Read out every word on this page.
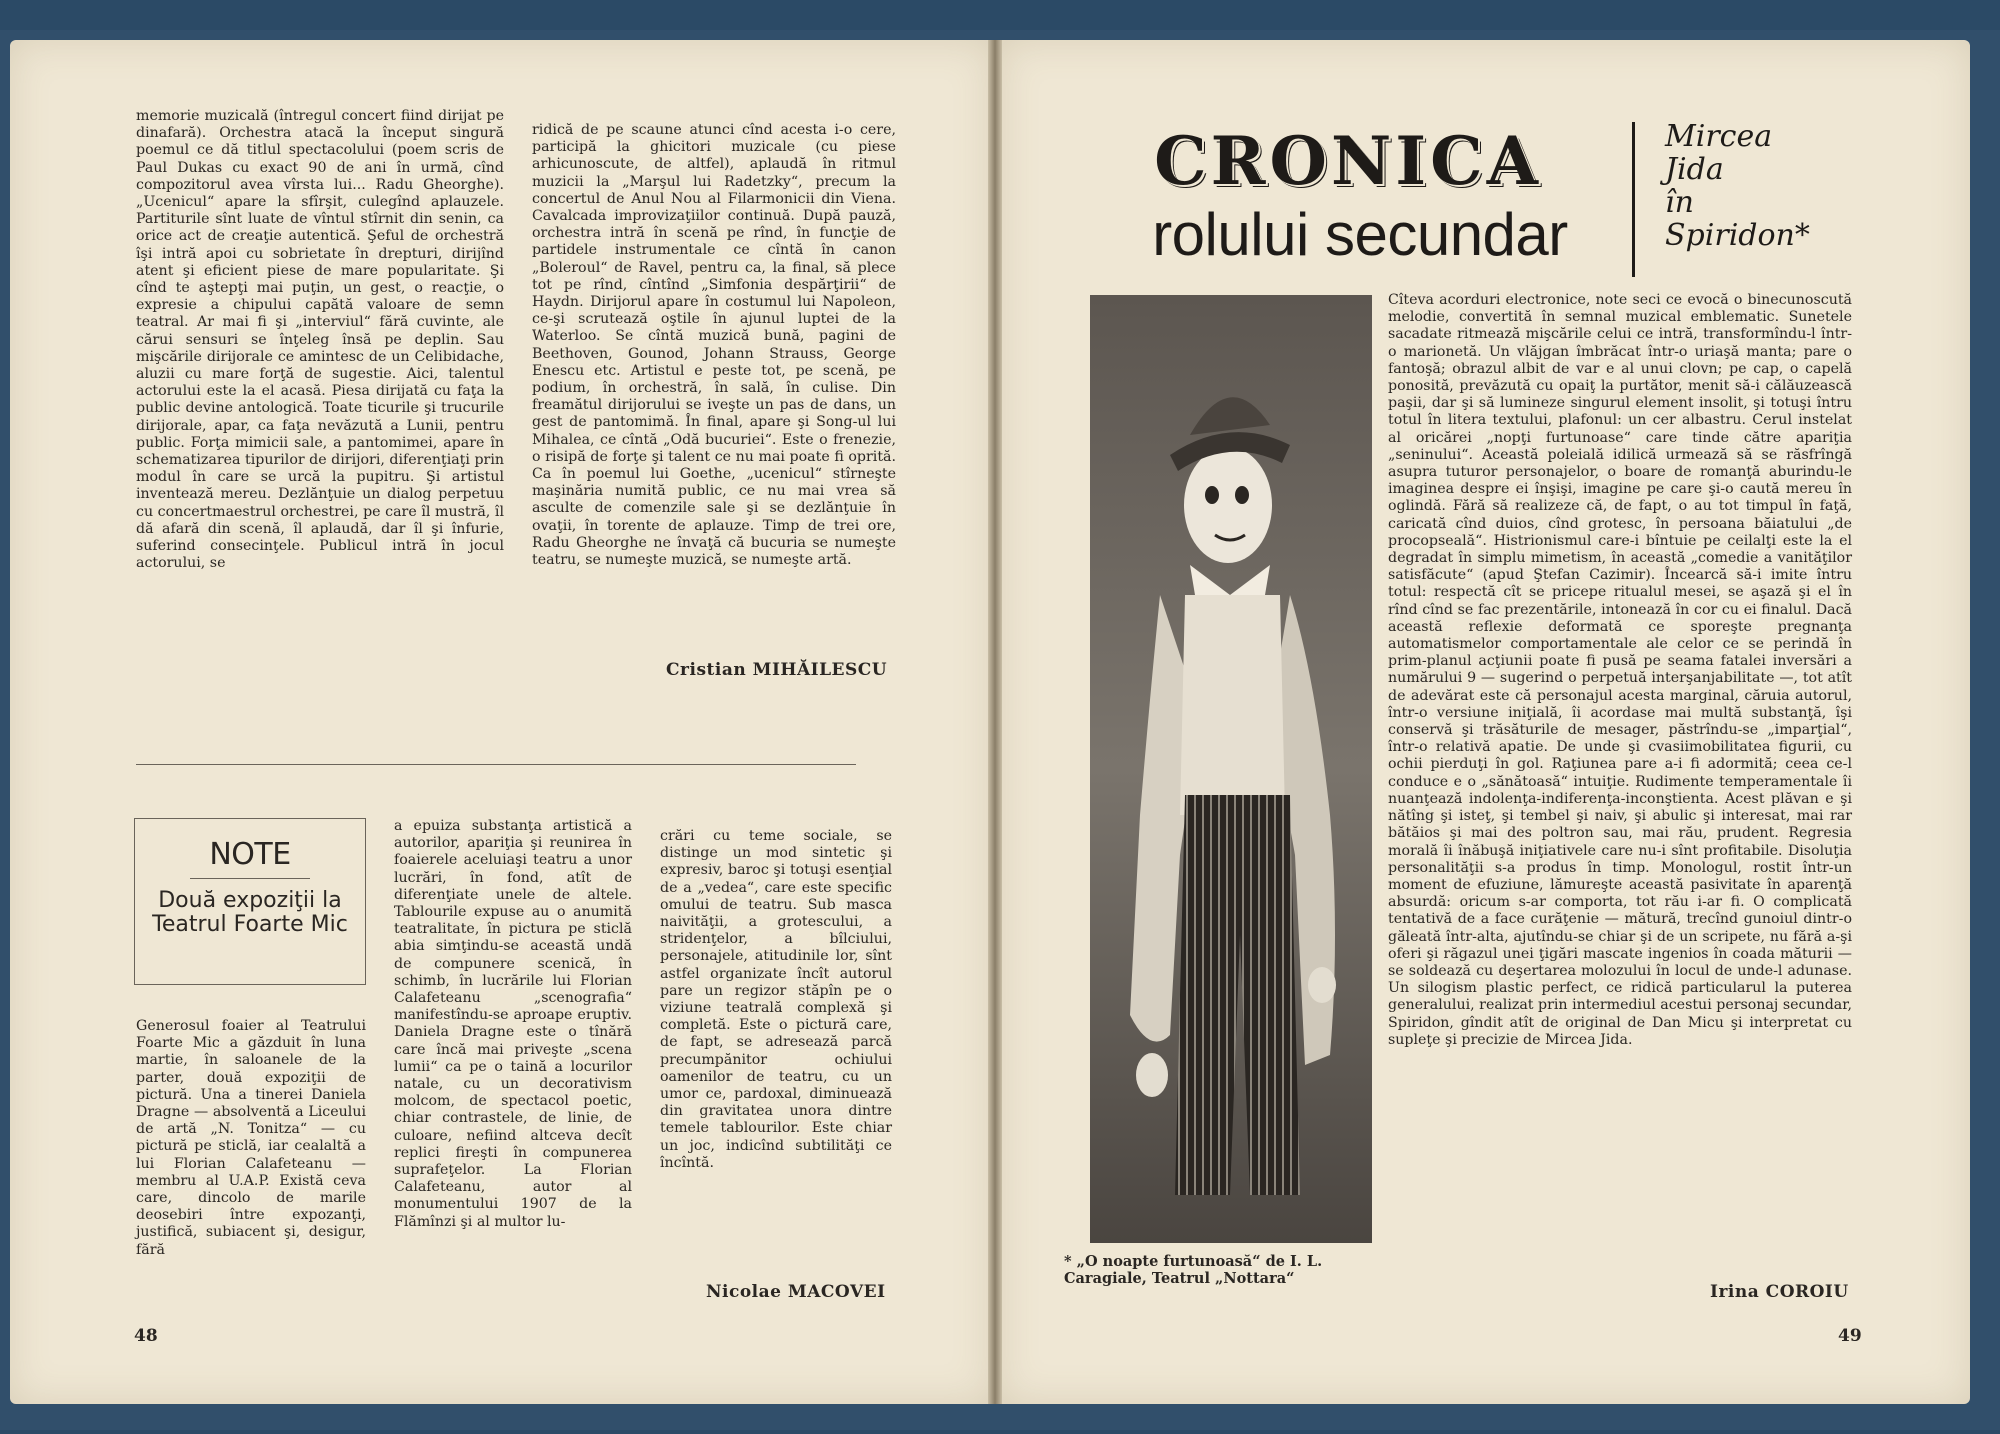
memorie muzicală (întregul concert fiind dirijat pe dinafară). Orchestra atacă la început singură poemul ce dă titlul spectacolului (poem scris de Paul Dukas cu exact 90 de ani în urmă, cînd compozitorul avea vîrsta lui... Radu Gheorghe). „Ucenicul“ apare la sfîrşit, culegînd aplauzele. Partiturile sînt luate de vîntul stîrnit din senin, ca orice act de creaţie autentică. Şeful de orchestră îşi intră apoi cu sobrietate în drepturi, dirijînd atent şi eficient piese de mare popularitate. Şi cînd te aştepţi mai puţin, un gest, o reacţie, o expresie a chipului capătă valoare de semn teatral. Ar mai fi şi „interviul“ fără cuvinte, ale cărui sensuri se înţeleg însă pe deplin. Sau mişcările dirijorale ce amintesc de un Celibidache, aluzii cu mare forţă de sugestie. Aici, talentul actorului este la el acasă. Piesa dirijată cu faţa la public devine antologică. Toate ticurile şi trucurile dirijorale, apar, ca faţa nevăzută a Lunii, pentru public. Forţa mimicii sale, a pantomimei, apare în schematizarea tipurilor de dirijori, diferenţiaţi prin modul în care se urcă la pupitru. Şi artistul inventează mereu. Dezlănţuie un dialog perpetuu cu concertmaestrul orchestrei, pe care îl mustră, îl dă afară din scenă, îl aplaudă, dar îl şi înfurie, suferind consecinţele. Publicul intră în jocul actorului, se

ridică de pe scaune atunci cînd acesta i-o cere, participă la ghicitori muzicale (cu piese arhicunoscute, de altfel), aplaudă în ritmul muzicii la „Marşul lui Radetzky“, precum la concertul de Anul Nou al Filarmonicii din Viena. Cavalcada improvizaţiilor continuă. După pauză, orchestra intră în scenă pe rînd, în funcţie de partidele instrumentale ce cîntă în canon „Boleroul“ de Ravel, pentru ca, la final, să plece tot pe rînd, cîntînd „Simfonia despărţirii“ de Haydn. Dirijorul apare în costumul lui Napoleon, ce-şi scrutează oştile în ajunul luptei de la Waterloo. Se cîntă muzică bună, pagini de Beethoven, Gounod, Johann Strauss, George Enescu etc. Artistul e peste tot, pe scenă, pe podium, în orchestră, în sală, în culise. Din freamătul dirijorului se iveşte un pas de dans, un gest de pantomimă. În final, apare şi Song-ul lui Mihalea, ce cîntă „Odă bucuriei“. Este o frenezie, o risipă de forţe şi talent ce nu mai poate fi oprită. Ca în poemul lui Goethe, „ucenicul“ stîrneşte maşinăria numită public, ce nu mai vrea să asculte de comenzile sale şi se dezlănţuie în ovaţii, în torente de aplauze. Timp de trei ore, Radu Gheorghe ne învaţă că bucuria se numeşte teatru, se numeşte muzică, se numeşte artă.

Cristian MIHĂILESCU
NOTE
Două expoziţii la Teatrul Foarte Mic

Generosul foaier al Teatrului Foarte Mic a găzduit în luna martie, în saloanele de la parter, două expoziţii de pictură. Una a tinerei Daniela Dragne — absolventă a Liceului de artă „N. Tonitza“ — cu pictură pe sticlă, iar cealaltă a lui Florian Calafeteanu — membru al U.A.P. Există ceva care, dincolo de marile deosebiri între expozanţi, justifică, subiacent şi, desigur, fără

a epuiza substanţa artistică a autorilor, apariţia şi reunirea în foaierele aceluiaşi teatru a unor lucrări, în fond, atît de diferenţiate unele de altele. Tablourile expuse au o anumită teatralitate, în pictura pe sticlă abia simţindu-se această undă de compunere scenică, în schimb, în lucrările lui Florian Calafeteanu „scenografia“ manifestîndu-se aproape eruptiv. Daniela Dragne este o tînără care încă mai priveşte „scena lumii“ ca pe o taină a locurilor natale, cu un decorativism molcom, de spectacol poetic, chiar contrastele, de linie, de culoare, nefiind altceva decît replici fireşti în compunerea suprafeţelor. La Florian Calafeteanu, autor al monumentului 1907 de la Flămînzi şi al multor lu-

crări cu teme sociale, se distinge un mod sintetic şi expresiv, baroc şi totuşi esenţial de a „vedea“, care este specific omului de teatru. Sub masca naivităţii, a grotescului, a stridenţelor, a bîlciului, personajele, atitudinile lor, sînt astfel organizate încît autorul pare un regizor stăpîn pe o viziune teatrală complexă şi completă. Este o pictură care, de fapt, se adresează parcă precumpănitor ochiului oamenilor de teatru, cu un umor ce, pardoxal, diminuează din gravitatea unora dintre temele tablourilor. Este chiar un joc, indicînd subtilităţi ce încîntă.

Nicolae MACOVEI
48
CRONICA
rolului secundar
Mircea
Jida
în
Spiridon*
* „O noapte furtunoasă“ de I. L. Caragiale, Teatrul „Nottara“

Cîteva acorduri electronice, note seci ce evocă o binecunoscută melodie, convertită în semnal muzical emblematic. Sunetele sacadate ritmează mişcările celui ce intră, transformîndu-l într-o marionetă. Un vlăjgan îmbrăcat într-o uriaşă manta; pare o fantoşă; obrazul albit de var e al unui clovn; pe cap, o capelă ponosită, prevăzută cu opaiţ la purtător, menit să-i călăuzească paşii, dar şi să lumineze singurul element insolit, şi totuşi întru totul în litera textului, plafonul: un cer albastru. Cerul instelat al oricărei „nopţi furtunoase“ care tinde către apariţia „seninului“. Această poleială idilică urmează să se răsfrîngă asupra tuturor personajelor, o boare de romanţă aburindu-le imaginea despre ei înşişi, imagine pe care şi-o caută mereu în oglindă. Fără să realizeze că, de fapt, o au tot timpul în faţă, caricată cînd duios, cînd grotesc, în persoana băiatului „de procopseală“. Histrionismul care-i bîntuie pe ceilalţi este la el degradat în simplu mimetism, în această „comedie a vanităţilor satisfăcute“ (apud Ştefan Cazimir). Încearcă să-i imite întru totul: respectă cît se pricepe ritualul mesei, se aşază şi el în rînd cînd se fac prezentările, intonează în cor cu ei finalul. Dacă această reflexie deformată ce sporeşte pregnanţa automatismelor comportamentale ale celor ce se perindă în prim-planul acţiunii poate fi pusă pe seama fatalei inversări a numărului 9 — sugerind o perpetuă interşanjabilitate —, tot atît de adevărat este că personajul acesta marginal, căruia autorul, într-o versiune iniţială, îi acordase mai multă substanţă, îşi conservă şi trăsăturile de mesager, păstrîndu-se „imparţial“, într-o relativă apatie. De unde şi cvasiimobilitatea figurii, cu ochii pierduţi în gol. Raţiunea pare a-i fi adormită; ceea ce-l conduce e o „sănătoasă“ intuiţie. Rudimente temperamentale îi nuanţează indolenţa-indiferenţa-inconştienta. Acest plăvan e şi nătîng şi isteţ, şi tembel şi naiv, şi abulic şi interesat, mai rar bătăios şi mai des poltron sau, mai rău, prudent. Regresia morală îi înăbuşă iniţiativele care nu-i sînt profitabile. Disoluţia personalităţii s-a produs în timp. Monologul, rostit într-un moment de efuziune, lămureşte această pasivitate în aparenţă absurdă: oricum s-ar comporta, tot rău i-ar fi. O complicată tentativă de a face curăţenie — mătură, trecînd gunoiul dintr-o găleată într-alta, ajutîndu-se chiar şi de un scripete, nu fără a-şi oferi şi răgazul unei ţigări mascate ingenios în coada măturii — se soldează cu deşertarea molozului în locul de unde-l adunase. Un silogism plastic perfect, ce ridică particularul la puterea generalului, realizat prin intermediul acestui personaj secundar, Spiridon, gîndit atît de original de Dan Micu şi interpretat cu supleţe şi precizie de Mircea Jida.

Irina COROIU
49
